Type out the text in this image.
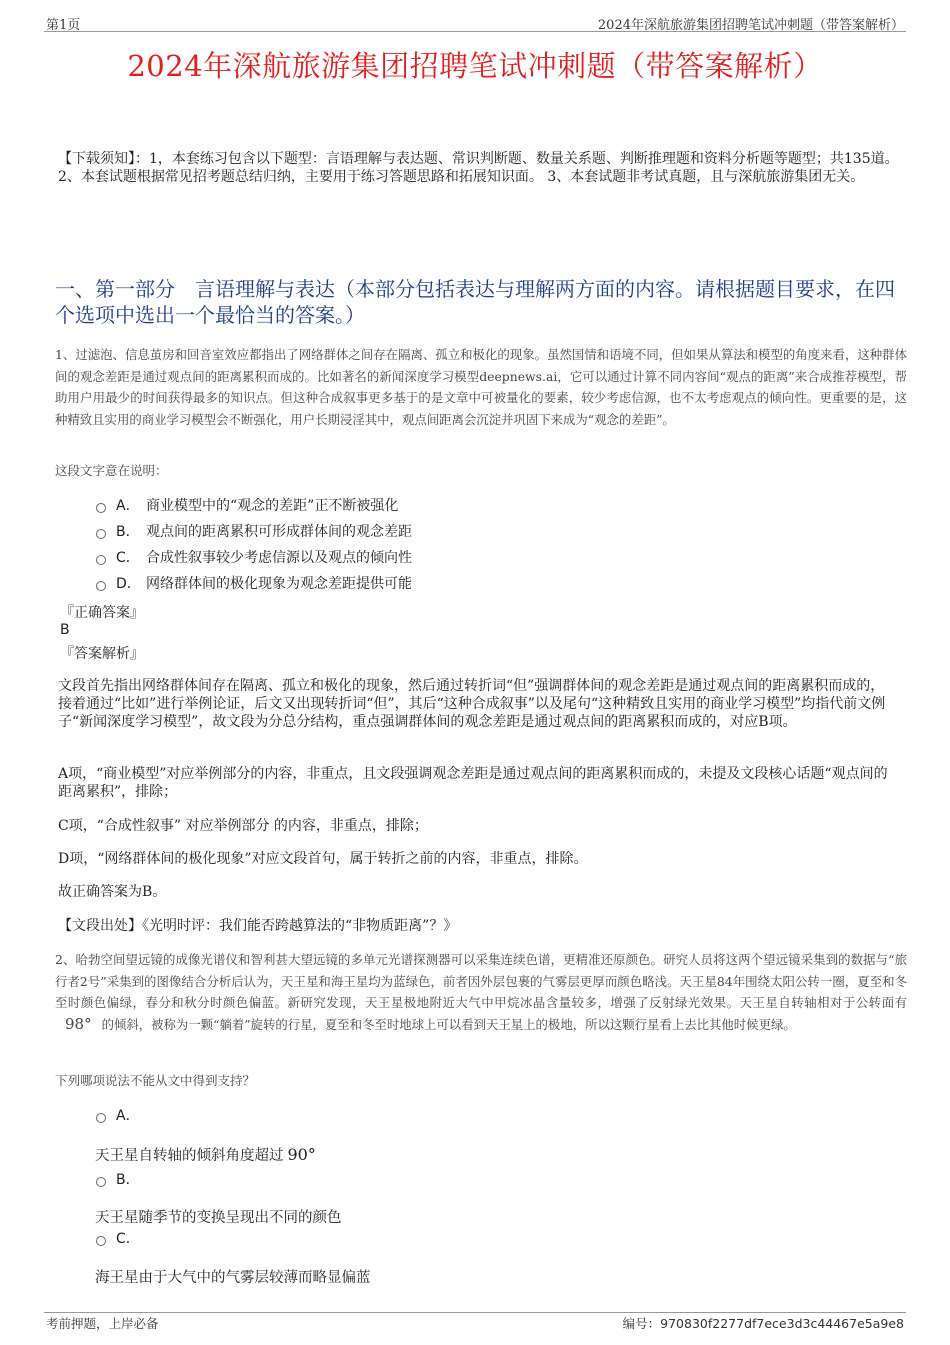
第1页	2024年深航旅游集团招聘笔试冲刺题（带答案解析）
2024年深航旅游集团招聘笔试冲刺题（带答案解析）
【下载须知】：1，本套练习包含以下题型：言语理解与表达题、常识判断题、数量关系题、判断推理题和资料分析题等题型；共135道。 2、本套试题根据常见招考题总结归纳，主要用于练习答题思路和拓展知识面。 3、本套试题非考试真题，且与深航旅游集团无关。
一、第一部分　言语理解与表达（本部分包括表达与理解两方面的内容。请根据题目要求，在四个选项中选出一个最恰当的答案。）
1、过滤泡、信息茧房和回音室效应都指出了网络群体之间存在隔离、孤立和极化的现象。虽然国情和语境不同，但如果从算法和模型的角度来看，这种群体间的观念差距是通过观点间的距离累积而成的。比如著名的新闻深度学习模型deepnews.ai，它可以通过计算不同内容间“观点的距离”来合成推荐模型，帮助用户用最少的时间获得最多的知识点。但这种合成叙事更多基于的是文章中可被量化的要素，较少考虑信源，也不太考虑观点的倾向性。更重要的是，这种精致且实用的商业学习模型会不断强化，用户长期浸淫其中，观点间距离会沉淀并巩固下来成为“观念的差距”。
这段文字意在说明：
A． 商业模型中的“观念的差距”正不断被强化
B． 观点间的距离累积可形成群体间的观念差距
C． 合成性叙事较少考虑信源以及观点的倾向性
D． 网络群体间的极化现象为观念差距提供可能
『正确答案』
B
『答案解析』
文段首先指出网络群体间存在隔离、孤立和极化的现象，然后通过转折词“但”强调群体间的观念差距是通过观点间的距离累积而成的，接着通过“比如”进行举例论证，后文又出现转折词“但”，其后“这种合成叙事”以及尾句“这种精致且实用的商业学习模型”均指代前文例子“新闻深度学习模型”，故文段为分总分结构，重点强调群体间的观念差距是通过观点间的距离累积而成的，对应B项。
A项，“商业模型”对应举例部分的内容，非重点，且文段强调观念差距是通过观点间的距离累积而成的，未提及文段核心话题“观点间的距离累积”，排除；
C项，“合成性叙事” 对应举例部分 的内容，非重点，排除；
D项，“网络群体间的极化现象”对应文段首句，属于转折之前的内容，非重点，排除。
故正确答案为B。
【文段出处】《光明时评：我们能否跨越算法的“非物质距离”？》
2、哈勃空间望远镜的成像光谱仪和智利甚大望远镜的多单元光谱探测器可以采集连续色谱，更精准还原颜色。研究人员将这两个望远镜采集到的数据与“旅行者2号”采集到的图像结合分析后认为，天王星和海王星均为蓝绿色，前者因外层包裹的气雾层更厚而颜色略浅。天王星84年围绕太阳公转一圈，夏至和冬至时颜色偏绿，春分和秋分时颜色偏蓝。新研究发现，天王星极地附近大气中甲烷冰晶含量较多，增强了反射绿光效果。天王星自转轴相对于公转面有98° 的倾斜，被称为一颗“躺着”旋转的行星，夏至和冬至时地球上可以看到天王星上的极地，所以这颗行星看上去比其他时候更绿。
下列哪项说法不能从文中得到支持？
A．
天王星自转轴的倾斜角度超过 90°
B．
天王星随季节的变换呈现出不同的颜色
C．
海王星由于大气中的气雾层较薄而略显偏蓝
考前押题，上岸必备	编号：970830f2277df7ece3d3c44467e5a9e8
